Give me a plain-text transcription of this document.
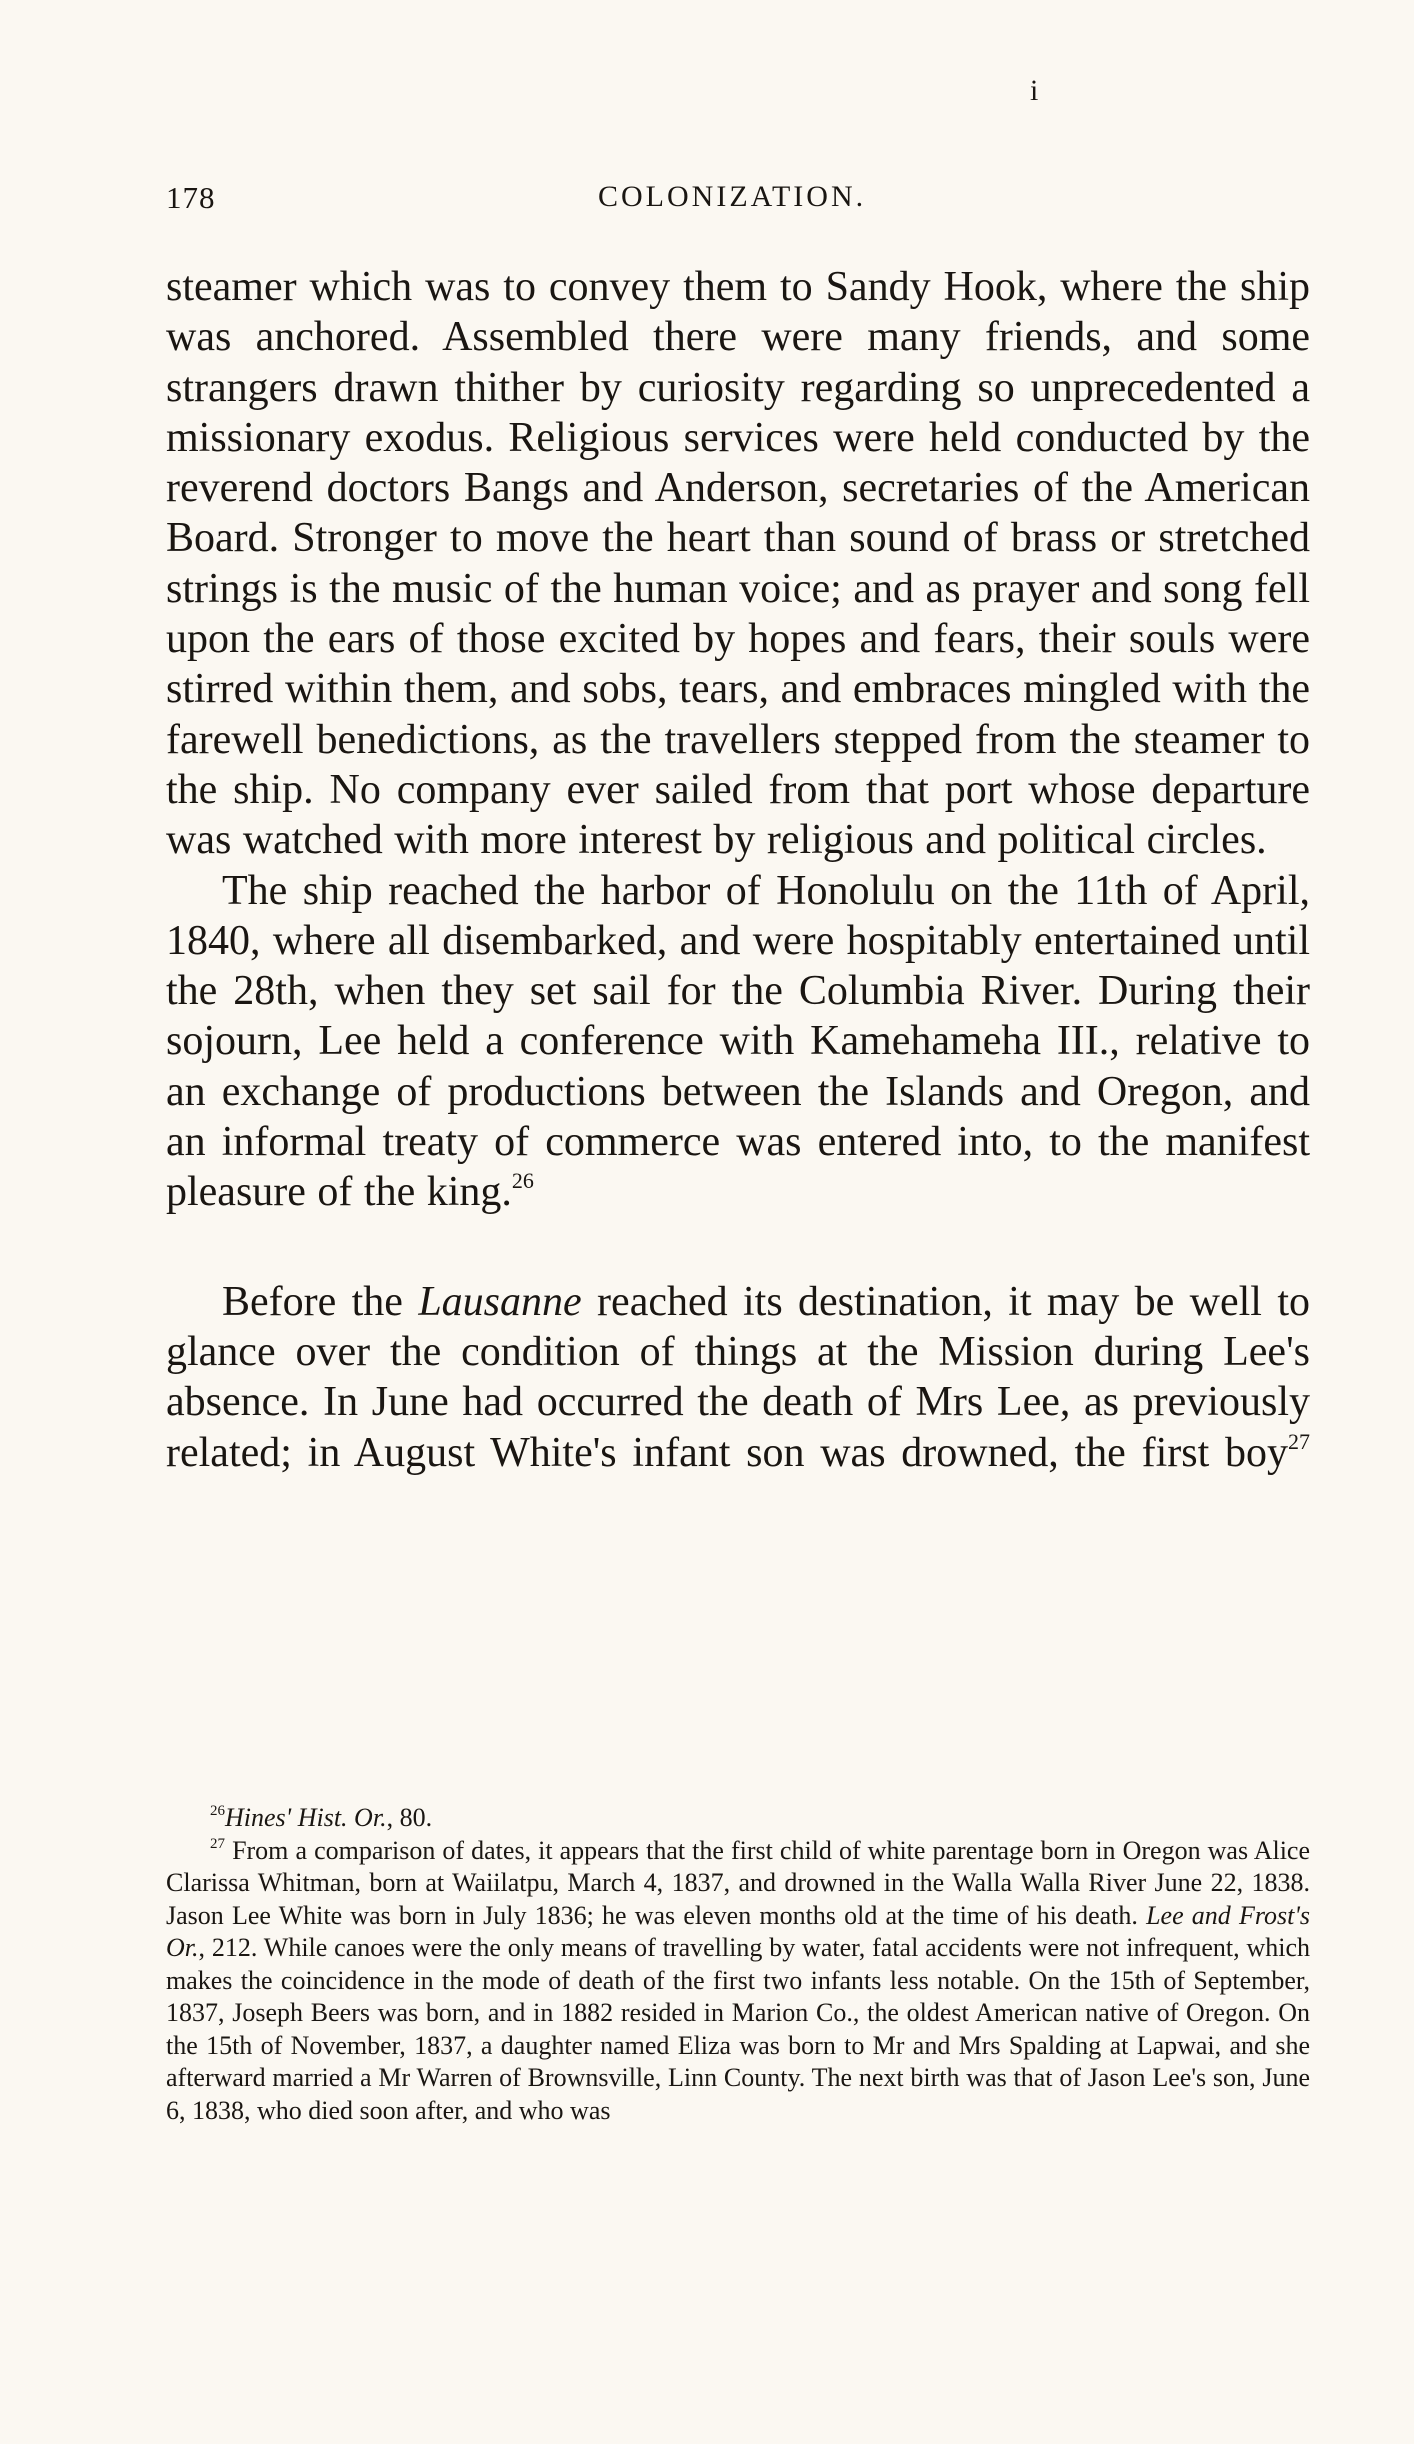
i
178	COLONIZATION.

steamer which was to convey them to Sandy Hook, where the ship was anchored. Assembled there were many friends, and some strangers drawn thither by curiosity regarding so unprecedented a missionary exodus. Religious services were held conducted by the reverend doctors Bangs and Anderson, secretaries of the American Board. Stronger to move the heart than sound of brass or stretched strings is the music of the human voice; and as prayer and song fell upon the ears of those excited by hopes and fears, their souls were stirred within them, and sobs, tears, and embraces mingled with the farewell benedictions, as the travellers stepped from the steamer to the ship. No company ever sailed from that port whose departure was watched with more interest by religious and political circles.

The ship reached the harbor of Honolulu on the 11th of April, 1840, where all disembarked, and were hospitably entertained until the 28th, when they set sail for the Columbia River. During their sojourn, Lee held a conference with Kamehameha III., relative to an exchange of productions between the Islands and Oregon, and an informal treaty of commerce was entered into, to the manifest pleasure of the king.$^{26}$

Before the Lausanne reached its destination, it may be well to glance over the condition of things at the Mission during Lee's absence. In June had occurred the death of Mrs Lee, as previously related; in August White's infant son was drowned, the first boy$^{27}$

$^{26}$Hines' Hist. Or., 80.

$^{27}$ From a comparison of dates, it appears that the first child of white parentage born in Oregon was Alice Clarissa Whitman, born at Waiilatpu, March 4, 1837, and drowned in the Walla Walla River June 22, 1838. Jason Lee White was born in July 1836; he was eleven months old at the time of his death. Lee and Frost's Or., 212. While canoes were the only means of travelling by water, fatal accidents were not infrequent, which makes the coincidence in the mode of death of the first two infants less notable. On the 15th of September, 1837, Joseph Beers was born, and in 1882 resided in Marion Co., the oldest American native of Oregon. On the 15th of November, 1837, a daughter named Eliza was born to Mr and Mrs Spalding at Lapwai, and she afterward married a Mr Warren of Brownsville, Linn County. The next birth was that of Jason Lee's son, June 6, 1838, who died soon after, and who was
